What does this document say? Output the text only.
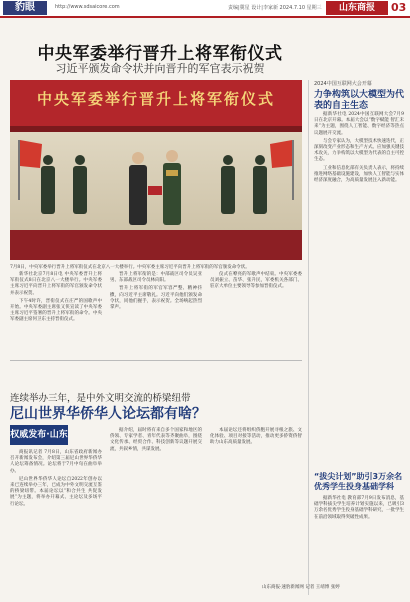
豹眼	http://www.sdsaicore.com	责编|冀星 设计|李家新 2024.7.10 星期三	山东商报	03
中央军委举行晋升上将军衔仪式
习近平颁发命令状并向晋升的军官表示祝贺
中央军委举行晋升上将军衔仪式
7月8日，中央军委举行晋升上将军衔仪式在北京八一大楼举行。中央军委主席习近平向晋升上将军衔的军官颁发命令状。

新华社北京7月8日电 中央军委晋升上将军衔仪式8日在北京八一大楼举行。中央军委主席习近平向晋升上将军衔的军官颁发命令状并表示祝贺。

下午4时许，晋衔仪式在庄严的国歌声中开始。中央军委副主席张又侠宣读了中央军委主席习近平签署的晋升上将军衔的命令。中央军委副主席何卫东主持晋衔仪式。

晋升上将军衔的是：中部战区司令员吴亚男、东部战区司令员林向阳。

晋升上将军衔的军官军容严整、精神抖擞，向习近平主席敬礼。习近平向他们颁发命令状，同他们握手，表示祝贺。全场响起热烈掌声。

仪式在嘹亮的军歌声中结束。中央军委委员刘振立、苗华、张升民，军委机关各部门、驻京大单位主要领导等参加晋衔仪式。

2024中国互联网大会开幕
力争构筑以大模型为代表的自主生态

据新华社电 2024中国互联网大会7月9日在北京开幕。本届大会以“数字赋能 智汇未来”为主题，围绕人工智能、数字经济等热点议题展开交流。

与会专家认为，大模型技术快速迭代，正深刻改变产业形态和生产方式。应加强关键技术攻关，力争构筑以大模型为代表的自主可控生态。

工业和信息化部有关负责人表示，将持续推进网络基础设施建设，加快人工智能与实体经济深度融合，为高质量发展注入新动能。

“拔尖计划”助引3万余名优秀学生投身基础学科

据新华社电 教育部7月9日发布消息，基础学科拔尖学生培养计划实施以来，已吸引3万余名优秀学生投身基础学科研究，一批学生在前沿领域取得突破性成果。

连续举办三年，是中外文明交流的桥梁纽带
尼山世界华侨华人论坛都有啥？
权威发布·山东

商报讯记者 7月8日，山东省政府新闻办召开新闻发布会，介绍第三届尼山世界华侨华人论坛筹备情况。论坛将于7月中旬在曲阜举办。

尼山世界华侨华人论坛自2022年创办以来已连续举办三年，已成为中外文明交流互鉴的桥梁纽带。本届论坛以“和合共生 共促发展”为主题，将举办开幕式、主论坛及多场平行论坛。

据介绍，届时将有来自多个国家和地区的侨领、专家学者、青年代表等齐聚曲阜，围绕文化传承、经贸合作、科技创新等议题开展交流，共叙乡情，共谋发展。

本届论坛还将组织侨胞开展寻根之旅、文化体验、项目对接等活动，推动更多侨资侨智助力山东高质量发展。

山东商报·速豹新闻网 记者 王靖博 张婷
